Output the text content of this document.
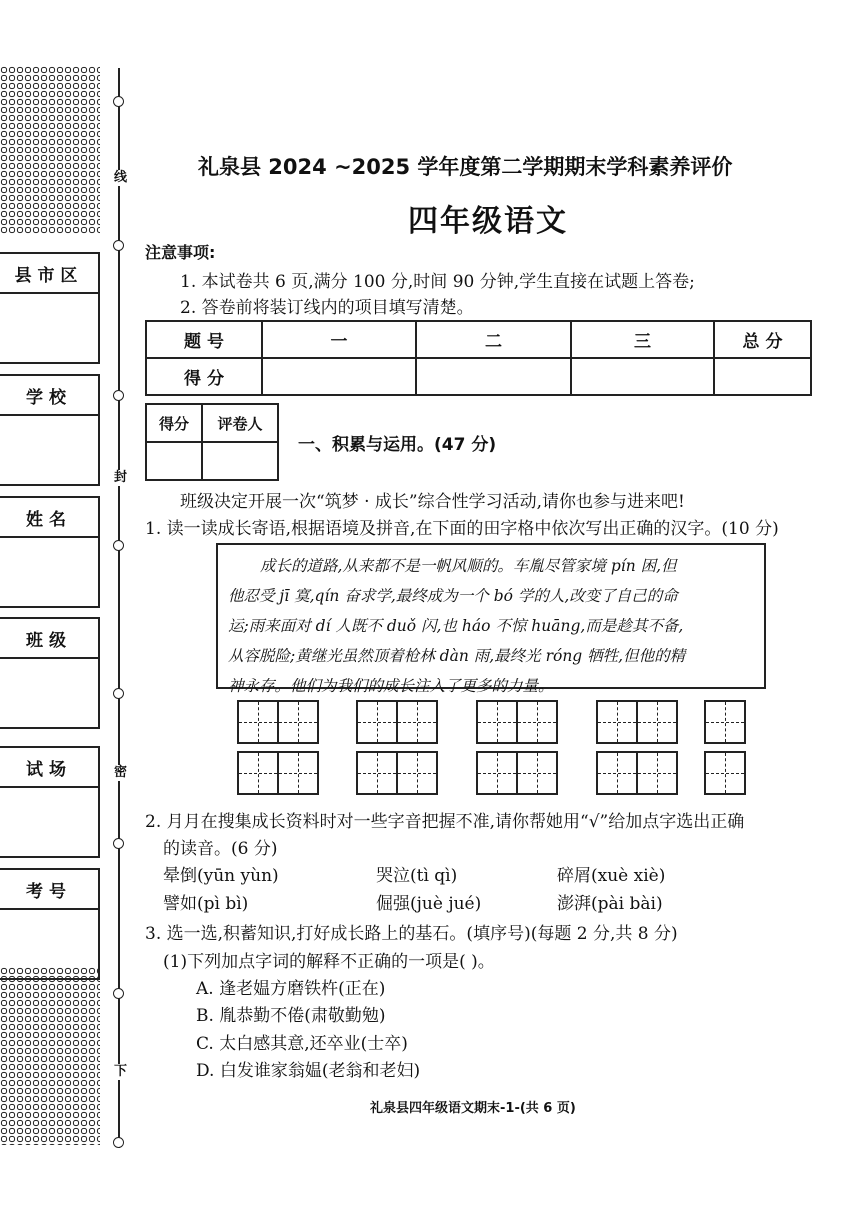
线
封
密
下
县 市 区
学 校
姓 名
班 级
试 场
考 号
礼泉县 2024 ~2025 学年度第二学期期末学科素养评价
四年级语文
注意事项:
1. 本试卷共 6 页,满分 100 分,时间 90 分钟,学生直接在试题上答卷;
2. 答卷前将装订线内的项目填写清楚。
题 号	一	二	三	总 分
得 分				
得分	评卷人

一、积累与运用。(47 分)
班级决定开展一次“筑梦 · 成长”综合性学习活动,请你也参与进来吧!
1. 读一读成长寄语,根据语境及拼音,在下面的田字格中依次写出正确的汉字。(10 分)
成长的道路,从来都不是一帆风顺的。车胤尽管家境 pín 困,但
他忍受 jī 寞,qín 奋求学,最终成为一个 bó 学的人,改变了自己的命
运;雨来面对 dí 人既不 duǒ 闪,也 háo 不惊 huāng,而是趁其不备,
从容脱险;黄继光虽然顶着枪林 dàn 雨,最终光 róng 牺牲,但他的精
神永存。他们为我们的成长注入了更多的力量。
2. 月月在搜集成长资料时对一些字音把握不准,请你帮她用“√”给加点字选出正确
的读音。(6 分)
晕倒(yūn yùn)	哭泣(tì qì)	碎屑(xuè xiè)
譬如(pì bì)	倔强(juè jué)	澎湃(pài bài)
3. 选一选,积蓄知识,打好成长路上的基石。(填序号)(每题 2 分,共 8 分)
(1)下列加点字词的解释不正确的一项是( )。
A. 逢老媪方磨铁杵(正在)
B. 胤恭勤不倦(肃敬勤勉)
C. 太白感其意,还卒业(士卒)
D. 白发谁家翁媪(老翁和老妇)
礼泉县四年级语文期末-1-(共 6 页)
